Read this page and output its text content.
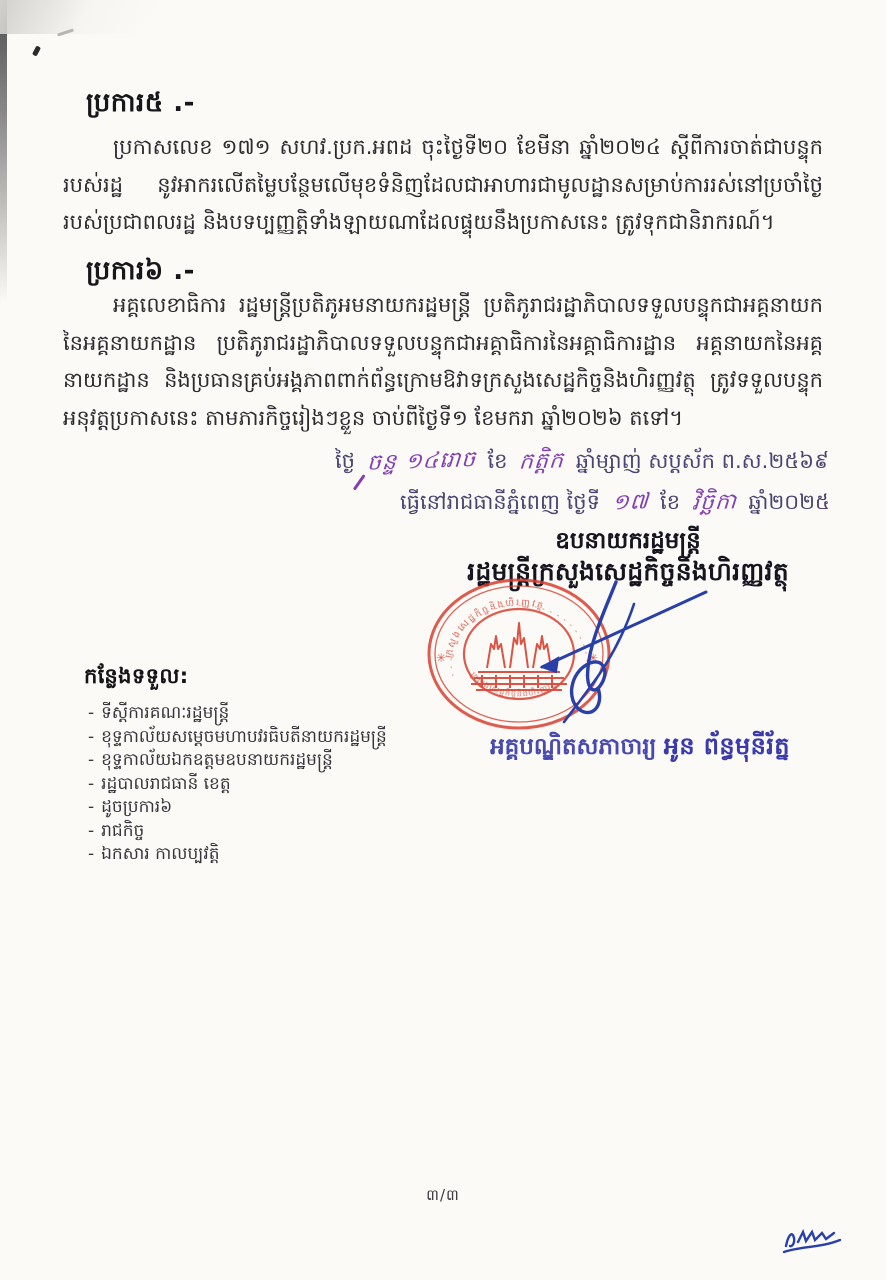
ប្រការ៥ .-
ប្រកាសលេខ ១៧១ សហវ.ប្រក.អពដ ចុះថ្ងៃទី២០ ខែមីនា ឆ្នាំ២០២៤ ស្តីពីការចាត់ជាបន្ទុករបស់រដ្ឋ នូវអាករលើតម្លៃបន្ថែមលើមុខទំនិញដែលជាអាហារជាមូលដ្ឋានសម្រាប់ការរស់នៅប្រចាំថ្ងៃរបស់ប្រជាពលរដ្ឋ និងបទប្បញ្ញត្តិទាំងឡាយណាដែលផ្ទុយនឹងប្រកាសនេះ ត្រូវទុកជានិរាករណ៍។
ប្រការ៦ .-
អគ្គលេខាធិការ រដ្ឋមន្ត្រីប្រតិភូអមនាយករដ្ឋមន្ត្រី ប្រតិភូរាជរដ្ឋាភិបាលទទួលបន្ទុកជាអគ្គនាយកនៃអគ្គនាយកដ្ឋាន ប្រតិភូរាជរដ្ឋាភិបាលទទួលបន្ទុកជាអគ្គាធិការនៃអគ្គាធិការដ្ឋាន អគ្គនាយកនៃអគ្គនាយកដ្ឋាន និងប្រធានគ្រប់អង្គភាពពាក់ព័ន្ធក្រោមឱវាទក្រសួងសេដ្ឋកិច្ចនិងហិរញ្ញវត្ថុ ត្រូវទទួលបន្ទុកអនុវត្តប្រកាសនេះ តាមភារកិច្ចរៀងៗខ្លួន ចាប់ពីថ្ងៃទី១ ខែមករា ឆ្នាំ២០២៦ តទៅ។
ថ្ងៃ ចន្ទ ១៤រោច ខែ កត្តិក ឆ្នាំម្សាញ់ សប្តស័ក ព.ស.២៥៦៩
ធ្វើនៅរាជធានីភ្នំពេញ ថ្ងៃទី ១៧ ខែ វិច្ឆិកា ឆ្នាំ២០២៥
ឧបនាយករដ្ឋមន្ត្រី
រដ្ឋមន្ត្រីក្រសួងសេដ្ឋកិច្ចនិងហិរញ្ញវត្ថុ
✳	✳
ក្រសួងសេដ្ឋកិច្ចនិងហិរញ្ញវត្ថុ
ក្រសួងសេដ្ឋកិច្ចនិងហិរញ្ញវត្ថុ
អគ្គបណ្ឌិតសភាចារ្យ អូន ព័ន្ធមុនីរ័ត្ន
កន្លែងទទួល:
- ទីស្តីការគណៈរដ្ឋមន្ត្រី
- ខុទ្ទកាល័យសម្តេចមហាបវរធិបតីនាយករដ្ឋមន្ត្រី
- ខុទ្ទកាល័យឯកឧត្តមឧបនាយករដ្ឋមន្ត្រី
- រដ្ឋបាលរាជធានី ខេត្ត
- ដូចប្រការ៦
- រាជកិច្ច
- ឯកសារ កាលប្បវត្តិ
៣/៣
